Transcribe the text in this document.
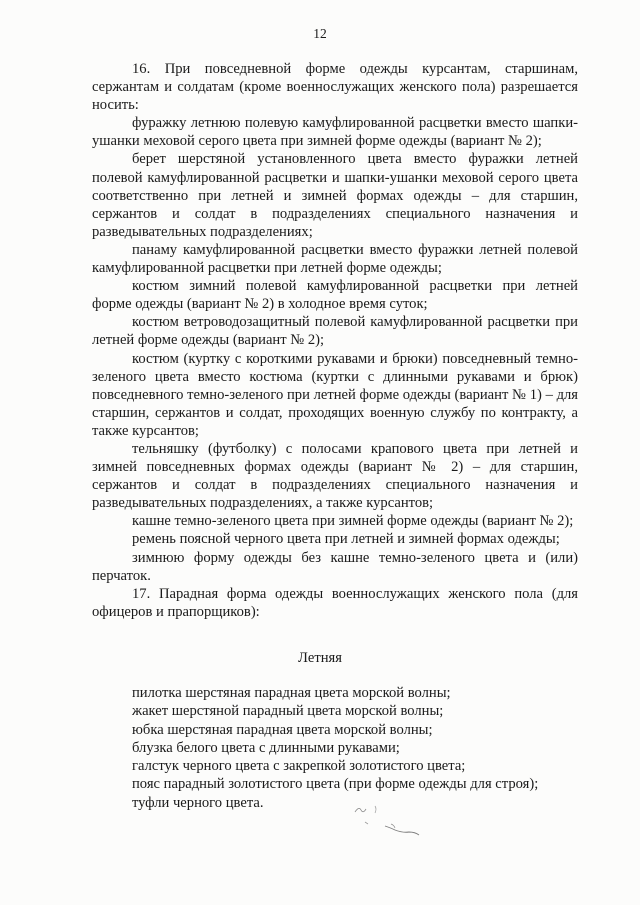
12

16. При повседневной форме одежды курсантам, старшинам, сержантам и солдатам (кроме военнослужащих женского пола) разрешается носить:

фуражку летнюю полевую камуфлированной расцветки вместо шапки-ушанки меховой серого цвета при зимней форме одежды (вариант № 2);

берет шерстяной установленного цвета вместо фуражки летней полевой камуфлированной расцветки и шапки-ушанки меховой серого цвета соответственно при летней и зимней формах одежды – для старшин, сержантов и солдат в подразделениях специального назначения и разведывательных подразделениях;

панаму камуфлированной расцветки вместо фуражки летней полевой камуфлированной расцветки при летней форме одежды;

костюм зимний полевой камуфлированной расцветки при летней форме одежды (вариант № 2) в холодное время суток;

костюм ветроводозащитный полевой камуфлированной расцветки при летней форме одежды (вариант № 2);

костюм (куртку с короткими рукавами и брюки) повседневный темно-зеленого цвета вместо костюма (куртки с длинными рукавами и брюк) повседневного темно-зеленого при летней форме одежды (вариант № 1) – для старшин, сержантов и солдат, проходящих военную службу по контракту, а также курсантов;

тельняшку (футболку) с полосами крапового цвета при летней и зимней повседневных формах одежды (вариант № 2) – для старшин, сержантов и солдат в подразделениях специального назначения и разведывательных подразделениях, а также курсантов;

кашне темно-зеленого цвета при зимней форме одежды (вариант № 2);

ремень поясной черного цвета при летней и зимней формах одежды;

зимнюю форму одежды без кашне темно-зеленого цвета и (или) перчаток.

17. Парадная форма одежды военнослужащих женского пола (для офицеров и прапорщиков):

Летняя
пилотка шерстяная парадная цвета морской волны;
жакет шерстяной парадный цвета морской волны;
юбка шерстяная парадная цвета морской волны;
блузка белого цвета с длинными рукавами;
галстук черного цвета с закрепкой золотистого цвета;
пояс парадный золотистого цвета (при форме одежды для строя);
туфли черного цвета.
